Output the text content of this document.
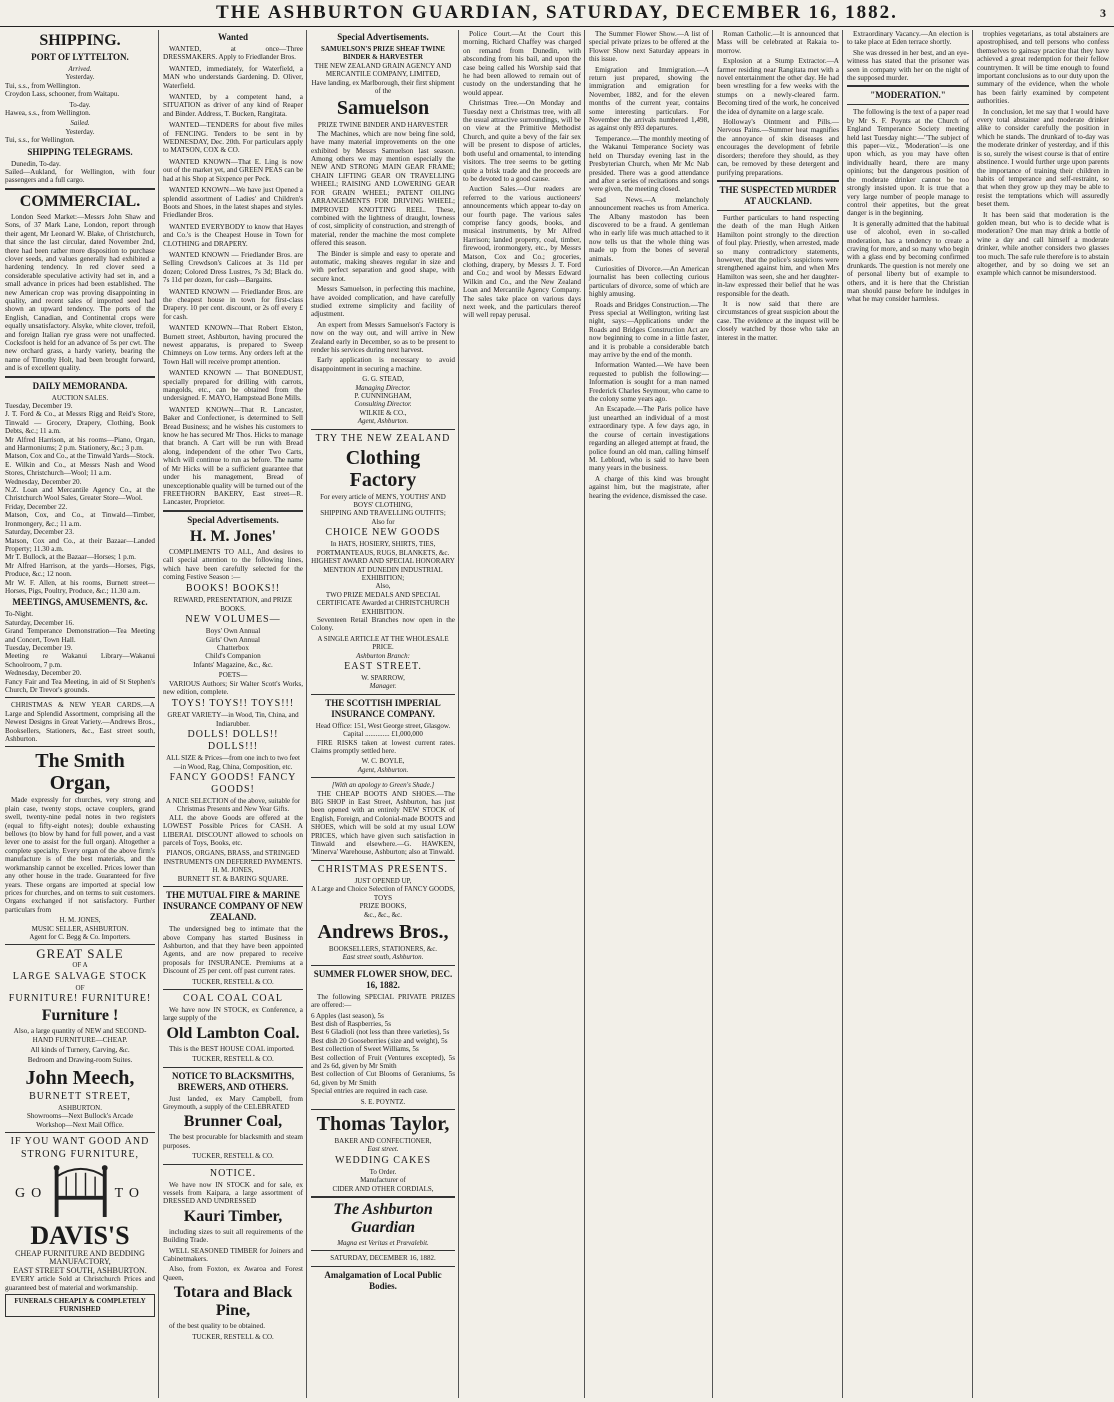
THE ASHBURTON GUARDIAN, SATURDAY, DECEMBER 16, 1882.	3
SHIPPING.
PORT OF LYTTELTON.
Arrived.
Yesterday.

Tui, s.s., from Wellington.
Croydon Lass, schooner, from Waitapu.

To-day.

Hawea, s.s., from Wellington.

Sailed.
Yesterday.

Tui, s.s., for Wellington.

SHIPPING TELEGRAMS.

Dunedin, To-day.
Sailed—Aukland, for Wellington, with four passengers and a full cargo.

COMMERCIAL.

London Seed Market:—Messrs John Shaw and Sons, of 37 Mark Lane, London, report through their agent, Mr Leonard W. Blake, of Christchurch, that since the last circular, dated November 2nd, there had been rather more disposition to purchase clover seeds, and values generally had exhibited a hardening tendency. In red clover seed a considerable speculative activity had set in, and a small advance in prices had been established. The new American crop was proving disappointing in quality, and recent sales of imported seed had shown an upward tendency. The ports of the English, Canadian, and Continental crops were equally unsatisfactory. Alsyke, white clover, trefoil, and foreign Italian rye grass were not unaffected. Cocksfoot is held for an advance of 5s per cwt. The new orchard grass, a hardy variety, bearing the name of Timothy Holt, had been brought forward, and is of excellent quality.

DAILY MEMORANDA.
AUCTION SALES.

Tuesday, December 19.
J. T. Ford & Co., at Messrs Rigg and Reid's Store, Tinwald — Grocery, Drapery, Clothing, Book Debts, &c.; 11 a.m.
Mr Alfred Harrison, at his rooms—Piano, Organ, and Harmoniums; 2 p.m. Stationery, &c.; 3 p.m.
Matson, Cox and Co., at the Tinwald Yards—Stock.
E. Wilkin and Co., at Messrs Nash and Wood Stores, Christchurch—Wool; 11 a.m.
Wednesday, December 20.
N.Z. Loan and Mercantile Agency Co., at the Christchurch Wool Sales, Greater Store—Wool.
Friday, December 22.
Matson, Cox, and Co., at Tinwald—Timber, Ironmongery, &c.; 11 a.m.
Saturday, December 23.
Matson, Cox and Co., at their Bazaar—Landed Property; 11.30 a.m.
Mr T. Bullock, at the Bazaar—Horses; 1 p.m.
Mr Alfred Harrison, at the yards—Horses, Pigs, Produce, &c.; 12 noon.
Mr W. F. Allen, at his rooms, Burnett street—Horses, Pigs, Poultry, Produce, &c.; 11.30 a.m.

MEETINGS, AMUSEMENTS, &c.

To-Night.
Saturday, December 16.
Grand Temperance Demonstration—Tea Meeting and Concert, Town Hall.
Tuesday, December 19.
Meeting re Wakanui Library—Wakanui Schoolroom, 7 p.m.
Wednesday, December 20.
Fancy Fair and Tea Meeting, in aid of St Stephen's Church, Dr Trevor's grounds.

CHRISTMAS & NEW YEAR CARDS.—A Large and Splendid Assortment, comprising all the Newest Designs in Great Variety.—Andrews Bros., Booksellers, Stationers, &c., East street south, Ashburton.

The Smith Organ,

Made expressly for churches, very strong and plain case, twenty stops, octave couplers, grand swell, twenty-nine pedal notes in two registers (equal to fifty-eight notes); double exhausting bellows (to blow by hand for full power, and a vast lever one to assist for the full organ). Altogether a complete specialty. Every organ of the above firm's manufacture is of the best materials, and the workmanship cannot be excelled. Prices lower than any other house in the trade. Guaranteed for five years. These organs are imported at special low prices for churches, and on terms to suit customers. Organs exchanged if not satisfactory. Further particulars from

H. M. JONES,
MUSIC SELLER, ASHBURTON.
Agent for C. Begg & Co. Importers.
GREAT SALE
OF A
LARGE SALVAGE STOCK
OF
FURNITURE! FURNITURE!
Furniture !

Also, a large quantity of NEW and SECOND-HAND FURNITURE—CHEAP.

All kinds of Turnery, Carving, &c.

Bedroom and Drawing-room Suites.

John Meech,
BURNETT STREET,
ASHBURTON.

Showrooms—Next Bullock's Arcade
Workshop—Next Mail Office.

IF YOU WANT GOOD AND
STRONG FURNITURE,
GO	TO
DAVIS'S
CHEAP FURNITURE AND BEDDING MANUFACTORY,
EAST STREET SOUTH, ASHBURTON.

EVERY article Sold at Christchurch Prices and guaranteed best of material and workmanship.

FUNERALS CHEAPLY & COMPLETELY FURNISHED
Wanted

WANTED, at once—Three DRESSMAKERS. Apply to Friedlander Bros.

WANTED, immediately, for Waterfield, a MAN who understands Gardening. D. Oliver, Waterfield.

WANTED, by a competent hand, a SITUATION as driver of any kind of Reaper and Binder. Address, T. Bucken, Rangitata.

WANTED—TENDERS for about five miles of FENCING. Tenders to be sent in by WEDNESDAY, Dec. 20th. For particulars apply to MATSON, COX & CO.

WANTED KNOWN—That E. Ling is now out of the market yet, and GREEN PEAS can be had at his Shop at Sixpence per Peck.

WANTED KNOWN—We have just Opened a splendid assortment of Ladies' and Children's Boots and Shoes, in the latest shapes and styles. Friedlander Bros.

WANTED EVERYBODY to know that Hayes and Co.'s is the Cheapest House in Town for CLOTHING and DRAPERY.

WANTED KNOWN — Friedlander Bros. are Selling Crewdson's Calicoes at 3s 11d per dozen; Colored Dress Lustres, 7s 3d; Black do. 7s 11d per dozen, for cash—Bargains.

WANTED KNOWN — Friedlander Bros. are the cheapest house in town for first-class Drapery. 10 per cent. discount, or 2s off every £ for cash.

WANTED KNOWN—That Robert Elston, Burnett street, Ashburton, having procured the newest apparatus, is prepared to Sweep Chimneys on Low terms. Any orders left at the Town Hall will receive prompt attention.

WANTED KNOWN — That BONEDUST, specially prepared for drilling with carrots, mangolds, etc., can be obtained from the undersigned. F. MAYO, Hampstead Bone Mills.

WANTED KNOWN—That R. Lancaster, Baker and Confectioner, is determined to Sell Bread Business; and he wishes his customers to know he has secured Mr Thos. Hicks to manage that branch. A Cart will be run with Bread along, independent of the other Two Carts, which will continue to run as before. The name of Mr Hicks will be a sufficient guarantee that under his management, Bread of unexceptionable quality will be turned out of the FREETHORN BAKERY, East street—R. Lancaster, Proprietor.

Special Advertisements.
H. M. Jones'

COMPLIMENTS TO ALL, And desires to call special attention to the following lines, which have been carefully selected for the coming Festive Season :—

BOOKS! BOOKS!!
REWARD, PRESENTATION, and PRIZE BOOKS.
NEW VOLUMES—

Boys' Own Annual
Girls' Own Annual
Chatterbox
Child's Companion
Infants' Magazine, &c., &c.

POETS—

VARIOUS Authors; Sir Walter Scott's Works, new edition, complete.

TOYS! TOYS!! TOYS!!!
GREAT VARIETY—in Wood, Tin, China, and Indiarubber.
DOLLS! DOLLS!! DOLLS!!!
ALL SIZE & Prices—from one inch to two feet—in Wood, Rag, China, Composition, etc.
FANCY GOODS! FANCY GOODS!
A NICE SELECTION of the above, suitable for Christmas Presents and New Year Gifts.

ALL the above Goods are offered at the LOWEST Possible Prices for CASH. A LIBERAL DISCOUNT allowed to schools on parcels of Toys, Books, etc.

PIANOS, ORGANS, BRASS, and STRINGED INSTRUMENTS ON DEFERRED PAYMENTS.
H. M. JONES,
BURNETT ST. & BARING SQUARE.
THE MUTUAL FIRE & MARINE INSURANCE COMPANY OF NEW ZEALAND.

The undersigned beg to intimate that the above Company has started Business in Ashburton, and that they have been appointed Agents, and are now prepared to receive proposals for INSURANCE. Premiums at a Discount of 25 per cent. off past current rates.

TUCKER, RESTELL & CO.
COAL COAL COAL

We have now IN STOCK, ex Conference, a large supply of the

Old Lambton Coal.

This is the BEST HOUSE COAL imported.

TUCKER, RESTELL & CO.
NOTICE TO BLACKSMITHS, BREWERS, AND OTHERS.

Just landed, ex Mary Campbell, from Greymouth, a supply of the CELEBRATED

Brunner Coal,

The best procurable for blacksmith and steam purposes.

TUCKER, RESTELL & CO.
NOTICE.

We have now IN STOCK and for sale, ex vessels from Kaipara, a large assortment of DRESSED AND UNDRESSED

Kauri Timber,

including sizes to suit all requirements of the Building Trade.

WELL SEASONED TIMBER for Joiners and Cabinetmakers.

Also, from Foxton, ex Awaroa and Forest Queen,

Totara and Black Pine,

of the best quality to be obtained.

TUCKER, RESTELL & CO.
Special Advertisements.
SAMUELSON'S PRIZE SHEAF TWINE BINDER & HARVESTER
THE NEW ZEALAND GRAIN AGENCY AND MERCANTILE COMPANY, LIMITED,
Have landing, ex Marlborough, their first shipment of the
Samuelson
PRIZE TWINE BINDER AND HARVESTER

The Machines, which are now being fine sold, have many material improvements on the one exhibited by Messrs Samuelson last season. Among others we may mention especially the NEW AND STRONG MAIN GEAR FRAME; CHAIN LIFTING GEAR ON TRAVELLING WHEEL; RAISING AND LOWERING GEAR FOR GRAIN WHEEL; PATENT OILING ARRANGEMENTS FOR DRIVING WHEEL; IMPROVED KNOTTING REEL. These, combined with the lightness of draught, lowness of cost, simplicity of construction, and strength of material, render the machine the most complete offered this season.

The Binder is simple and easy to operate and automatic, making sheaves regular in size and with perfect separation and good shape, with secure knot.

Messrs Samuelson, in perfecting this machine, have avoided complication, and have carefully studied extreme simplicity and facility of adjustment.

An expert from Messrs Samuelson's Factory is now on the way out, and will arrive in New Zealand early in December, so as to be present to render his services during next harvest.

Early application is necessary to avoid disappointment in securing a machine.

G. G. STEAD,
Managing Director.
P. CUNNINGHAM,
Consulting Director.
WILKIE & CO.,
Agent, Ashburton.
TRY THE NEW ZEALAND
Clothing Factory
For every article of MEN'S, YOUTHS' AND BOYS' CLOTHING,
SHIPPING AND TRAVELLING OUTFITS;
Also for
CHOICE NEW GOODS
In HATS, HOSIERY, SHIRTS, TIES, PORTMANTEAUS, RUGS, BLANKETS, &c.
HIGHEST AWARD AND SPECIAL HONORARY MENTION AT DUNEDIN INDUSTRIAL EXHIBITION;
Also,
TWO PRIZE MEDALS AND SPECIAL CERTIFICATE Awarded at CHRISTCHURCH EXHIBITION.

Seventeen Retail Branches now open in the Colony.

A SINGLE ARTICLE AT THE WHOLESALE PRICE.
Ashburton Branch:
EAST STREET.
W. SPARROW,
Manager.
THE SCOTTISH IMPERIAL INSURANCE COMPANY.
Head Office: 151, West George street, Glasgow.
Capital .............. £1,000,000

FIRE RISKS taken at lowest current rates. Claims promptly settled here.

W. C. BOYLE,
Agent, Ashburton.
[With an apology to Green's Shade.]

THE CHEAP BOOTS AND SHOES.—The BIG SHOP in East Street, Ashburton, has just been opened with an entirely NEW STOCK of English, Foreign, and Colonial-made BOOTS and SHOES, which will be sold at my usual LOW PRICES, which have given such satisfaction in Tinwald and elsewhere.—G. HAWKEN, 'Minerva' Warehouse, Ashburton; also at Tinwald.

CHRISTMAS PRESENTS.
JUST OPENED UP,
A Large and Choice Selection of FANCY GOODS,
TOYS
PRIZE BOOKS,
&c., &c., &c.
Andrews Bros.,
BOOKSELLERS, STATIONERS, &c.
East street south, Ashburton.
SUMMER FLOWER SHOW, DEC. 16, 1882.

The following SPECIAL PRIVATE PRIZES are offered:—

6 Apples (last season), 5s
Best dish of Raspberries, 5s
Best 6 Gladioli (not less than three varieties), 5s
Best dish 20 Gooseberries (size and weight), 5s
Best collection of Sweet Williams, 5s
Best collection of Fruit (Ventures excepted), 5s and 2s 6d, given by Mr Smith
Best collection of Cut Blooms of Geraniums, 5s 6d, given by Mr Smith
Special entries are required in each case.

S. E. POYNTZ.
Thomas Taylor,
BAKER AND CONFECTIONER,
East street.
WEDDING CAKES
To Order.
Manufacturer of
CIDER AND OTHER CORDIALS,
The Ashburton Guardian
Magna est Veritas et Prævalebit.
SATURDAY, DECEMBER 16, 1882.
Amalgamation of Local Public Bodies.

Police Court.—At the Court this morning, Richard Chaffey was charged on remand from Dunedin, with absconding from his bail, and upon the case being called his Worship said that he had been allowed to remain out of custody on the understanding that he would appear.

Christmas Tree.—On Monday and Tuesday next a Christmas tree, with all the usual attractive surroundings, will be on view at the Primitive Methodist Church, and quite a bevy of the fair sex will be present to dispose of articles, both useful and ornamental, to intending visitors. The tree seems to be getting quite a brisk trade and the proceeds are to be devoted to a good cause.

Auction Sales.—Our readers are referred to the various auctioneers' announcements which appear to-day on our fourth page. The various sales comprise fancy goods, books, and musical instruments, by Mr Alfred Harrison; landed property, coal, timber, firewood, ironmongery, etc., by Messrs Matson, Cox and Co.; groceries, clothing, drapery, by Messrs J. T. Ford and Co.; and wool by Messrs Edward Wilkin and Co., and the New Zealand Loan and Mercantile Agency Company. The sales take place on various days next week, and the particulars thereof will well repay perusal.

The Summer Flower Show.—A list of special private prizes to be offered at the Flower Show next Saturday appears in this issue.

Emigration and Immigration.—A return just prepared, showing the immigration and emigration for November, 1882, and for the eleven months of the current year, contains some interesting particulars. For November the arrivals numbered 1,498, as against only 893 departures.

Temperance.—The monthly meeting of the Wakanui Temperance Society was held on Thursday evening last in the Presbyterian Church, when Mr Mc Nab presided. There was a good attendance and after a series of recitations and songs were given, the meeting closed.

Sad News.—A melancholy announcement reaches us from America. The Albany mastodon has been discovered to be a fraud. A gentleman who in early life was much attached to it now tells us that the whole thing was made up from the bones of several animals.

Curiosities of Divorce.—An American journalist has been collecting curious particulars of divorce, some of which are highly amusing.

Roads and Bridges Construction.—The Press special at Wellington, writing last night, says:—Applications under the Roads and Bridges Construction Act are now beginning to come in a little faster, and it is probable a considerable batch may arrive by the end of the month.

Information Wanted.—We have been requested to publish the following:—Information is sought for a man named Frederick Charles Seymour, who came to the colony some years ago.

An Escapade.—The Paris police have just unearthed an individual of a most extraordinary type. A few days ago, in the course of certain investigations regarding an alleged attempt at fraud, the police found an old man, calling himself M. Lebloud, who is said to have been many years in the business.

A charge of this kind was brought against him, but the magistrate, after hearing the evidence, dismissed the case.

Roman Catholic.—It is announced that Mass will be celebrated at Rakaia to-morrow.

Explosion at a Stump Extractor.—A farmer residing near Rangitata met with a novel entertainment the other day. He had been wrestling for a few weeks with the stumps on a newly-cleared farm. Becoming tired of the work, he conceived the idea of dynamite on a large scale.

Holloway's Ointment and Pills.—Nervous Pains.—Summer heat magnifies the annoyance of skin diseases and encourages the development of febrile disorders; therefore they should, as they can, be removed by these detergent and purifying preparations.

THE SUSPECTED MURDER AT AUCKLAND.

Further particulars to hand respecting the death of the man Hugh Aitken Hamilton point strongly to the direction of foul play. Priestly, when arrested, made so many contradictory statements, however, that the police's suspicions were strengthened against him, and when Mrs Hamilton was seen, she and her daughter-in-law expressed their belief that he was responsible for the death.

It is now said that there are circumstances of great suspicion about the case. The evidence at the inquest will be closely watched by those who take an interest in the matter.

Extraordinary Vacancy.—An election is to take place at Eden terrace shortly.

She was dressed in her best, and an eye-witness has stated that the prisoner was seen in company with her on the night of the supposed murder.

"MODERATION."

The following is the text of a paper read by Mr S. F. Poynts at the Church of England Temperance Society meeting held last Tuesday night:—"The subject of this paper—viz., 'Moderation'—is one upon which, as you may have often individually heard, there are many opinions; but the dangerous position of the moderate drinker cannot be too strongly insisted upon. It is true that a very large number of people manage to control their appetites, but the great danger is in the beginning.

It is generally admitted that the habitual use of alcohol, even in so-called moderation, has a tendency to create a craving for more, and so many who begin with a glass end by becoming confirmed drunkards. The question is not merely one of personal liberty but of example to others, and it is here that the Christian man should pause before he indulges in what he may consider harmless.

trophies vegetarians, as total abstainers are apostrophised, and tell persons who confess themselves to gainsay practice that they have achieved a great redemption for their fellow countrymen. It will be time enough to found important conclusions as to our duty upon the summary of the evidence, when the whole has been fairly examined by competent authorities.

In conclusion, let me say that I would have every total abstainer and moderate drinker alike to consider carefully the position in which he stands. The drunkard of to-day was the moderate drinker of yesterday, and if this is so, surely the wisest course is that of entire abstinence. I would further urge upon parents the importance of training their children in habits of temperance and self-restraint, so that when they grow up they may be able to resist the temptations which will assuredly beset them.

It has been said that moderation is the golden mean, but who is to decide what is moderation? One man may drink a bottle of wine a day and call himself a moderate drinker, while another considers two glasses too much. The safe rule therefore is to abstain altogether, and by so doing we set an example which cannot be misunderstood.
